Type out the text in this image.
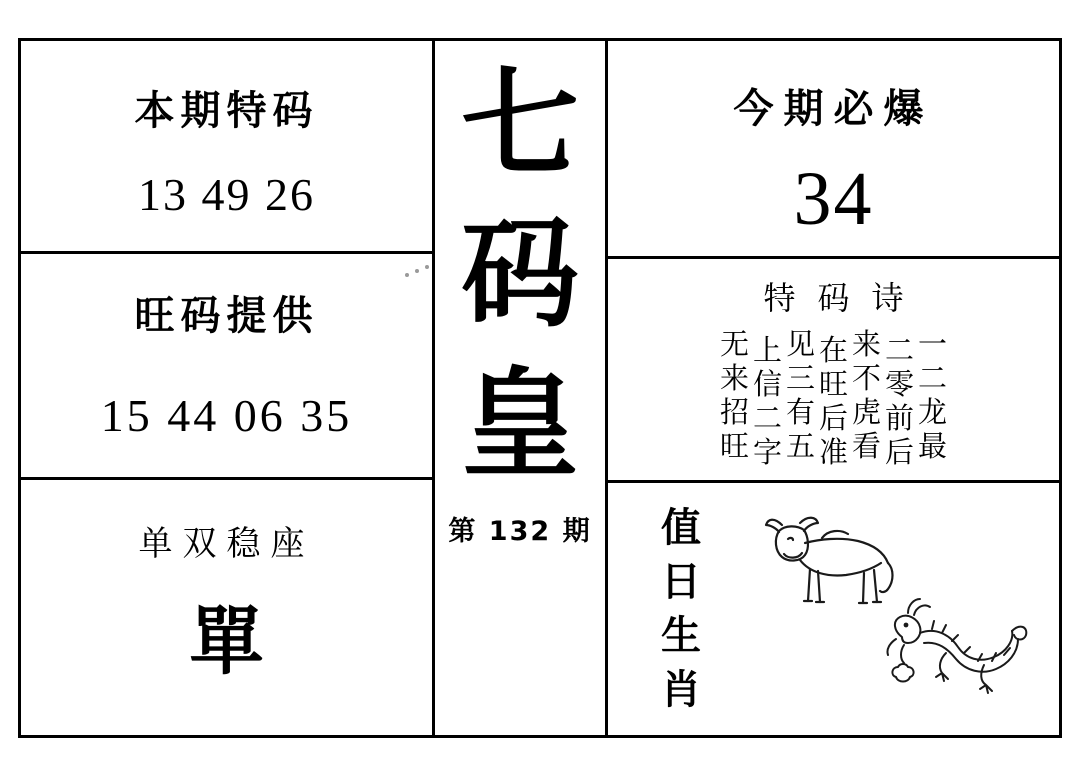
本期特码
13 49 26
旺码提供
15 44 06 35
单双稳座
單
七
码
皇
第 132 期
今期必爆
34
特码诗
一
二
龙
最
二
零
前
后
来
不
虎
看
在
旺
后
准
见
三
有
五
上
信
二
字
无
来
招
旺
值
日
生
肖
